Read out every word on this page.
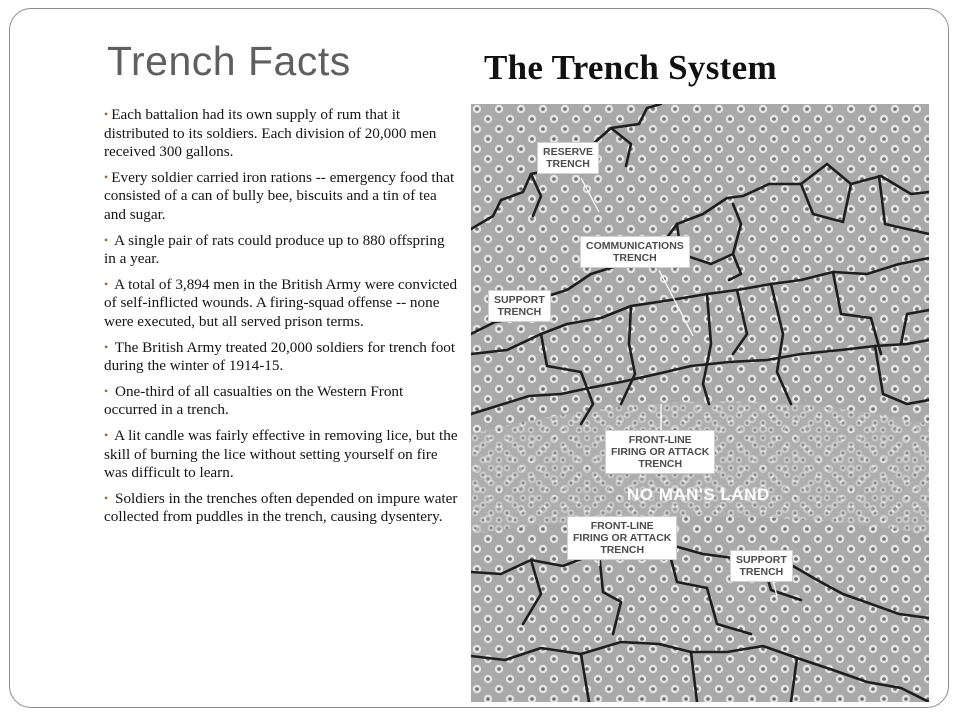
Trench Facts	The Trench System
• Each battalion had its own supply of rum that it distributed to its soldiers. Each division of 20,000 men received 300 gallons.
• Every soldier carried iron rations -- emergency food that consisted of a can of bully bee, biscuits and a tin of tea and sugar.
• A single pair of rats could produce up to 880 offspring in a year.
• A total of 3,894 men in the British Army were convicted of self-inflicted wounds. A firing-squad offense -- none were executed, but all served prison terms.
• The British Army treated 20,000 soldiers for trench foot during the winter of 1914-15.
• One-third of all casualties on the Western Front occurred in a trench.
• A lit candle was fairly effective in removing lice, but the skill of burning the lice without setting yourself on fire was difficult to learn.
• Soldiers in the trenches often depended on impure water collected from puddles in the trench, causing dysentery.
RESERVE
TRENCH
COMMUNICATIONS
TRENCH
SUPPORT
TRENCH
FRONT-LINE
FIRING OR ATTACK
TRENCH
NO MAN'S LAND
FRONT-LINE
FIRING OR ATTACK
TRENCH
SUPPORT
TRENCH
